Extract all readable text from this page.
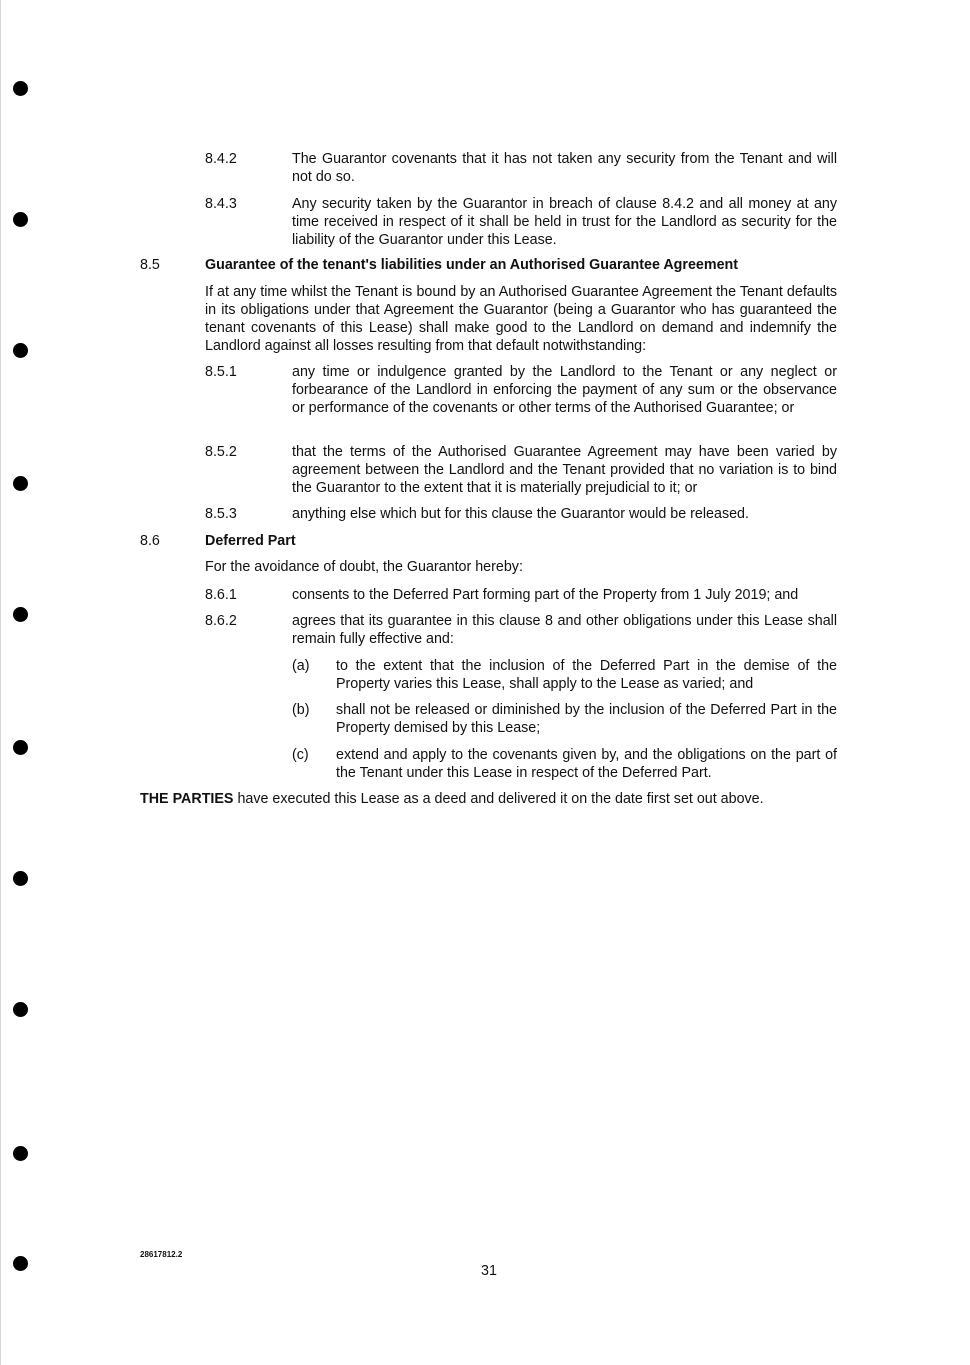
8.4.2	The Guarantor covenants that it has not taken any security from the Tenant and will not do so.
8.4.3	Any security taken by the Guarantor in breach of clause 8.4.2 and all money at any time received in respect of it shall be held in trust for the Landlord as security for the liability of the Guarantor under this Lease.
8.5	Guarantee of the tenant's liabilities under an Authorised Guarantee Agreement
If at any time whilst the Tenant is bound by an Authorised Guarantee Agreement the Tenant defaults in its obligations under that Agreement the Guarantor (being a Guarantor who has guaranteed the tenant covenants of this Lease) shall make good to the Landlord on demand and indemnify the Landlord against all losses resulting from that default notwithstanding:
8.5.1	any time or indulgence granted by the Landlord to the Tenant or any neglect or forbearance of the Landlord in enforcing the payment of any sum or the observance or performance of the covenants or other terms of the Authorised Guarantee; or
8.5.2	that the terms of the Authorised Guarantee Agreement may have been varied by agreement between the Landlord and the Tenant provided that no variation is to bind the Guarantor to the extent that it is materially prejudicial to it; or
8.5.3	anything else which but for this clause the Guarantor would be released.
8.6	Deferred Part
For the avoidance of doubt, the Guarantor hereby:
8.6.1	consents to the Deferred Part forming part of the Property from 1 July 2019; and
8.6.2	agrees that its guarantee in this clause 8 and other obligations under this Lease shall remain fully effective and:
(a) to the extent that the inclusion of the Deferred Part in the demise of the Property varies this Lease, shall apply to the Lease as varied; and
(b) shall not be released or diminished by the inclusion of the Deferred Part in the Property demised by this Lease;
(c) extend and apply to the covenants given by, and the obligations on the part of the Tenant under this Lease in respect of the Deferred Part.
THE PARTIES have executed this Lease as a deed and delivered it on the date first set out above.
28617812.2
31
